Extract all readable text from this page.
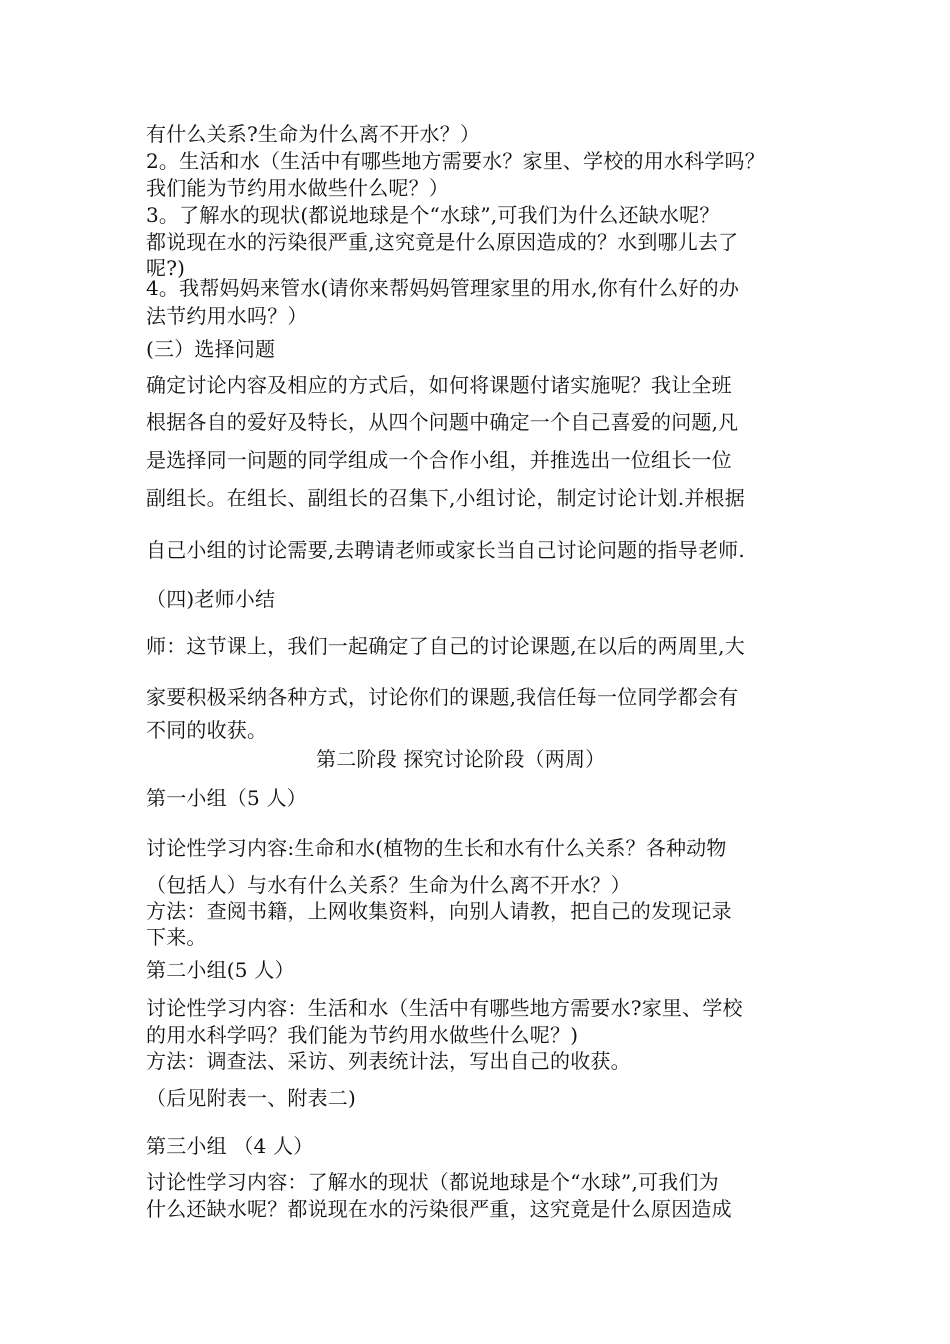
有什么关系?生命为什么离不开水？）

2。生活和水（生活中有哪些地方需要水？家里、学校的用水科学吗？

我们能为节约用水做些什么呢？）

3。了解水的现状(都说地球是个“水球”,可我们为什么还缺水呢？

都说现在水的污染很严重,这究竟是什么原因造成的？水到哪儿去了

呢?)

4。我帮妈妈来管水(请你来帮妈妈管理家里的用水,你有什么好的办

法节约用水吗？）

(三）选择问题

确定讨论内容及相应的方式后，如何将课题付诸实施呢？我让全班

根据各自的爱好及特长，从四个问题中确定一个自己喜爱的问题,凡

是选择同一问题的同学组成一个合作小组，并推选出一位组长一位

副组长。在组长、副组长的召集下,小组讨论，制定讨论计划.并根据

自己小组的讨论需要,去聘请老师或家长当自己讨论问题的指导老师.

（四)老师小结

师：这节课上，我们一起确定了自己的讨论课题,在以后的两周里,大

家要积极采纳各种方式，讨论你们的课题,我信任每一位同学都会有

不同的收获。

第二阶段 探究讨论阶段（两周）

第一小组（5 人）

讨论性学习内容:生命和水(植物的生长和水有什么关系？各种动物

（包括人）与水有什么关系？生命为什么离不开水？）

方法：查阅书籍，上网收集资料，向别人请教，把自己的发现记录

下来。

第二小组(5 人）

讨论性学习内容：生活和水（生活中有哪些地方需要水?家里、学校

的用水科学吗？我们能为节约用水做些什么呢？)

方法：调查法、采访、列表统计法，写出自己的收获。

（后见附表一、附表二)

第三小组 （4 人）

讨论性学习内容：了解水的现状（都说地球是个“水球”,可我们为

什么还缺水呢？都说现在水的污染很严重，这究竟是什么原因造成
